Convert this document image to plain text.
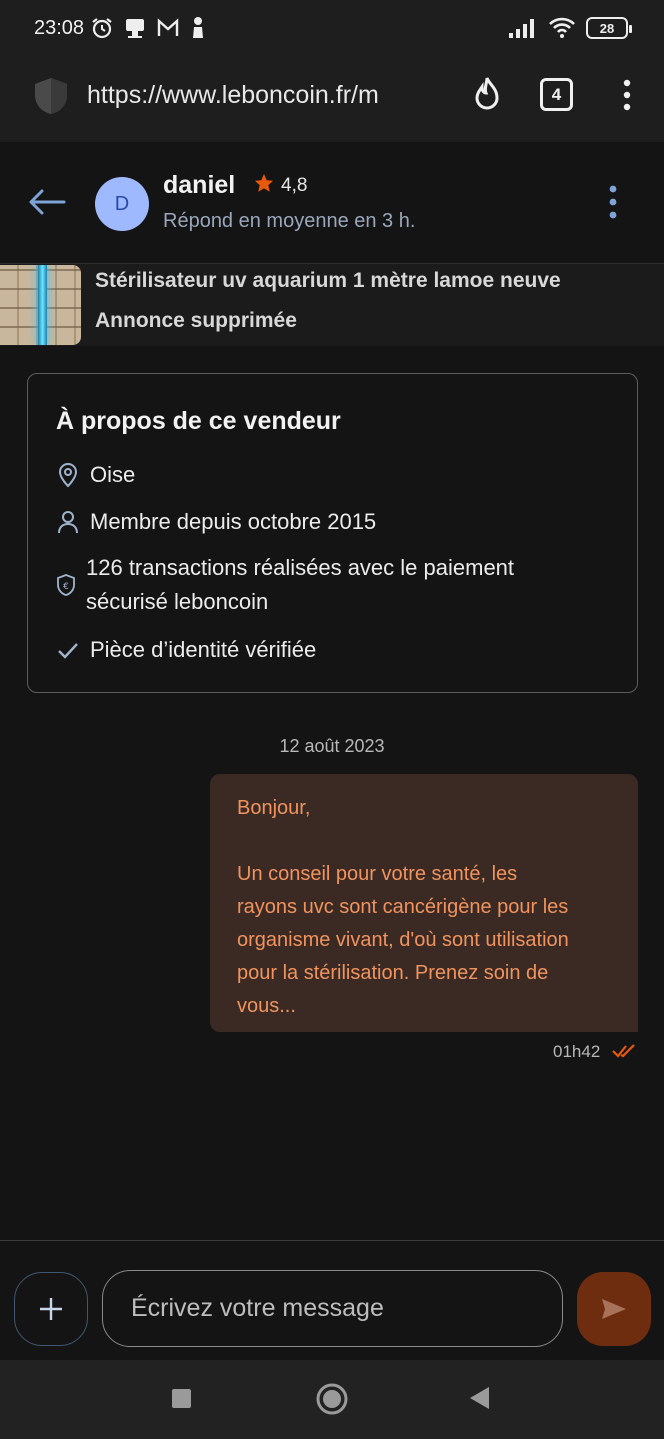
23:08	28
https://www.leboncoin.fr/m	4
D
daniel 4,8
Répond en moyenne en 3 h.
Stérilisateur uv aquarium 1 mètre lamoe neuve
Annonce supprimée
À propos de ce vendeur
Oise
Membre depuis octobre 2015
€
126 transactions réalisées avec le paiement
sécurisé leboncoin
Pièce d’identité vérifiée
12 août 2023

Bonjour,

Un conseil pour votre santé, les

rayons uvc sont cancérigène pour les

organisme vivant, d'où sont utilisation

pour la stérilisation. Prenez soin de

vous...

01h42
Écrivez votre message
